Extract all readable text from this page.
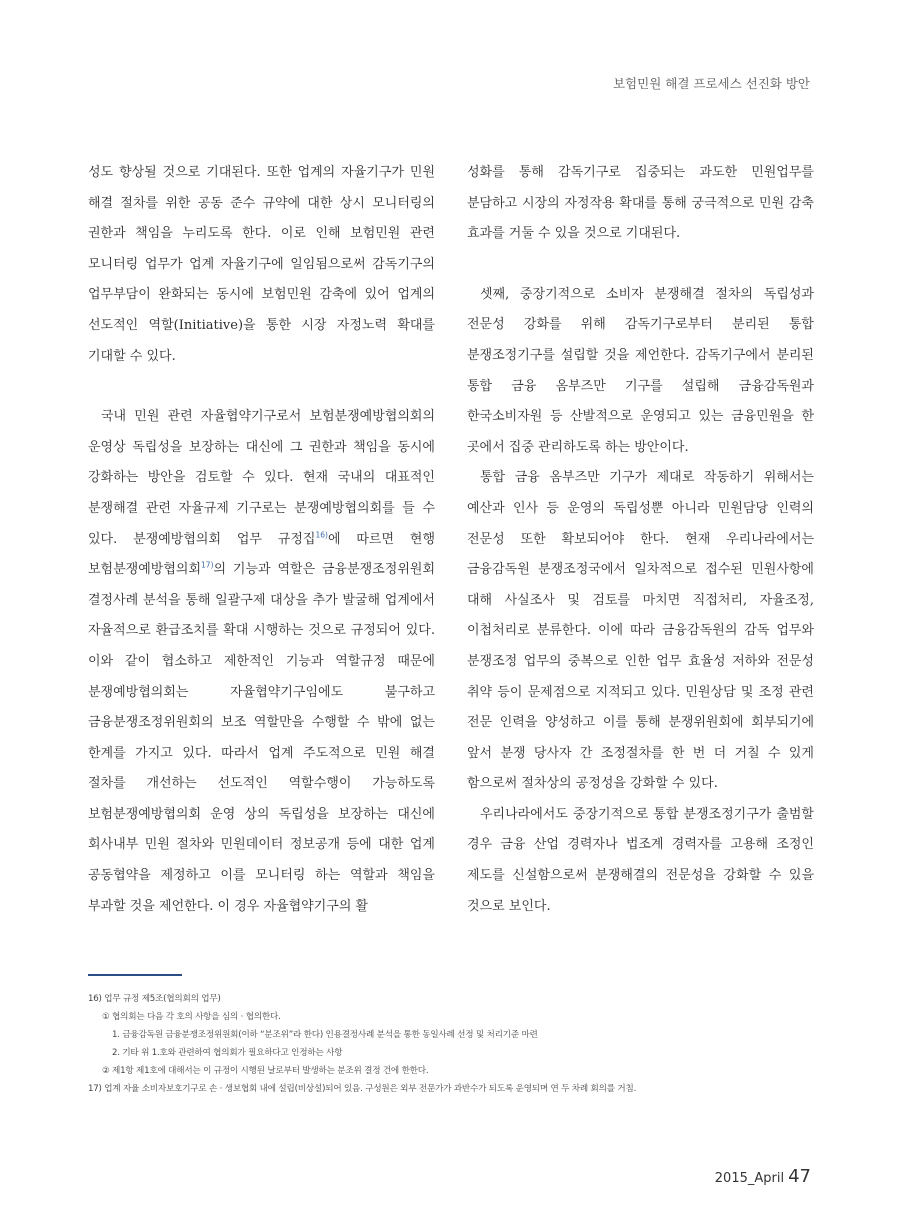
보험민원 해결 프로세스 선진화 방안

성도 향상될 것으로 기대된다. 또한 업계의 자율기구가 민원 해결 절차를 위한 공동 준수 규약에 대한 상시 모니터링의 권한과 책임을 누리도록 한다. 이로 인해 보험민원 관련 모니터링 업무가 업계 자율기구에 일임됨으로써 감독기구의 업무부담이 완화되는 동시에 보험민원 감축에 있어 업계의 선도적인 역할(Initiative)을 통한 시장 자정노력 확대를 기대할 수 있다.

국내 민원 관련 자율협약기구로서 보험분쟁예방협의회의 운영상 독립성을 보장하는 대신에 그 권한과 책임을 동시에 강화하는 방안을 검토할 수 있다. 현재 국내의 대표적인 분쟁해결 관련 자율규제 기구로는 분쟁예방협의회를 들 수 있다. 분쟁예방협의회 업무 규정집$^{16)}$에 따르면 현행 보험분쟁예방협의회$^{17)}$의 기능과 역할은 금융분쟁조정위원회 결정사례 분석을 통해 일괄구제 대상을 추가 발굴해 업계에서 자율적으로 환급조치를 확대 시행하는 것으로 규정되어 있다. 이와 같이 협소하고 제한적인 기능과 역할규정 때문에 분쟁예방협의회는 자율협약기구임에도 불구하고 금융분쟁조정위원회의 보조 역할만을 수행할 수 밖에 없는 한계를 가지고 있다. 따라서 업계 주도적으로 민원 해결 절차를 개선하는 선도적인 역할수행이 가능하도록 보험분쟁예방협의회 운영 상의 독립성을 보장하는 대신에 회사내부 민원 절차와 민원데이터 정보공개 등에 대한 업계 공동협약을 제정하고 이를 모니터링 하는 역할과 책임을 부과할 것을 제언한다. 이 경우 자율협약기구의 활

성화를 통해 감독기구로 집중되는 과도한 민원업무를 분담하고 시장의 자정작용 확대를 통해 궁극적으로 민원 감축 효과를 거둘 수 있을 것으로 기대된다.

셋째, 중장기적으로 소비자 분쟁해결 절차의 독립성과 전문성 강화를 위해 감독기구로부터 분리된 통합 분쟁조정기구를 설립할 것을 제언한다. 감독기구에서 분리된 통합 금융 옴부즈만 기구를 설립해 금융감독원과 한국소비자원 등 산발적으로 운영되고 있는 금융민원을 한 곳에서 집중 관리하도록 하는 방안이다.

통합 금융 옴부즈만 기구가 제대로 작동하기 위해서는 예산과 인사 등 운영의 독립성뿐 아니라 민원담당 인력의 전문성 또한 확보되어야 한다. 현재 우리나라에서는 금융감독원 분쟁조정국에서 일차적으로 접수된 민원사항에 대해 사실조사 및 검토를 마치면 직접처리, 자율조정, 이첩처리로 분류한다. 이에 따라 금융감독원의 감독 업무와 분쟁조정 업무의 중복으로 인한 업무 효율성 저하와 전문성 취약 등이 문제점으로 지적되고 있다. 민원상담 및 조정 관련 전문 인력을 양성하고 이를 통해 분쟁위원회에 회부되기에 앞서 분쟁 당사자 간 조정절차를 한 번 더 거칠 수 있게 함으로써 절차상의 공정성을 강화할 수 있다.

우리나라에서도 중장기적으로 통합 분쟁조정기구가 출범할 경우 금융 산업 경력자나 법조계 경력자를 고용해 조정인 제도를 신설함으로써 분쟁해결의 전문성을 강화할 수 있을 것으로 보인다.

16) 업무 규정 제5조(협의회의 업무)
① 협의회는 다음 각 호의 사항을 심의 · 협의한다.
1. 금융감독원 금융분쟁조정위원회(이하 “분조위”라 한다) 인용결정사례 분석을 통한 동일사례 선정 및 처리기준 마련
2. 기타 위 1.호와 관련하여 협의회가 필요하다고 인정하는 사항
② 제1항 제1호에 대해서는 이 규정이 시행된 날로부터 발생하는 분조위 결정 건에 한한다.
17) 업계 자율 소비자보호기구로 손 · 생보협회 내에 설립(비상설)되어 있음. 구성원은 외부 전문가가 과반수가 되도록 운영되며 연 두 차례 회의를 거침.
2015_April 47
